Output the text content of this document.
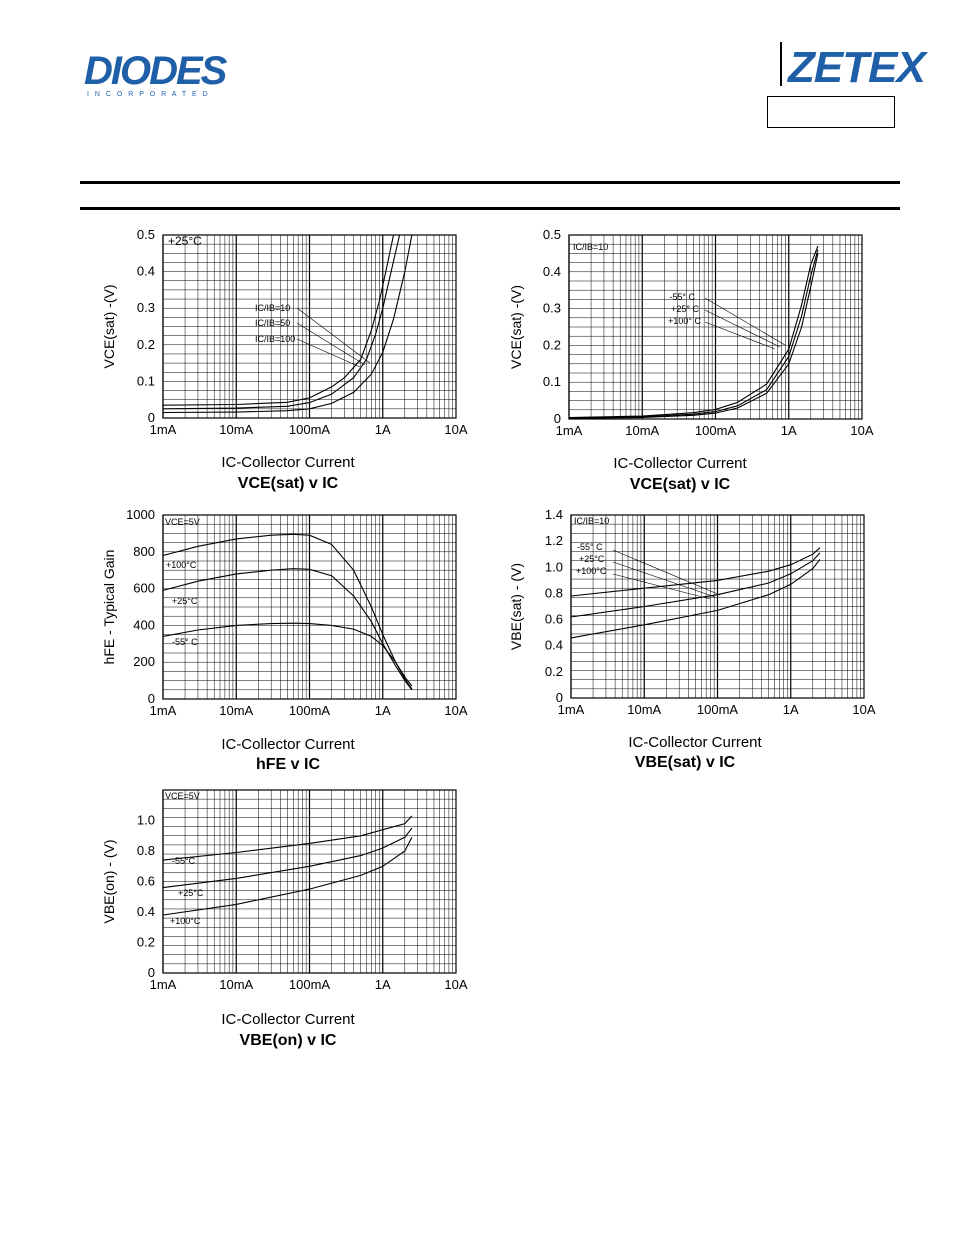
DIODES
I N C O R P O R A T E D
ZETEX
1mA	10mA	100mA	1A	10A
0
0.1
0.2
0.3
0.4
0.5
VCE(sat) -(V)
+25°C
IC/IB=10
IC/IB=50
IC/IB=100
IC-Collector Current
VCE(sat) v IC
1mA	10mA	100mA	1A	10A
0
0.1
0.2
0.3
0.4
0.5
VCE(sat) -(V)
IC/IB=10
-55° C
+25° C
+100° C
IC-Collector Current
VCE(sat) v IC
1mA	10mA	100mA	1A	10A
0
200
400
600
800
1000
hFE - Typical Gain
VCE=5V
+100°C
+25°C
-55° C
IC-Collector Current
hFE v IC
1mA	10mA	100mA	1A	10A
0
0.2
0.4
0.6
0.8
1.0
1.2
1.4
VBE(sat) - (V)
IC/IB=10
-55° C
+25°C
+100°C
IC-Collector Current
VBE(sat) v IC
1mA	10mA	100mA	1A	10A
0
0.2
0.4
0.6
0.8
1.0
VBE(on) - (V)
VCE=5V
-55°C
+25°C
+100°C
IC-Collector Current
VBE(on) v IC
